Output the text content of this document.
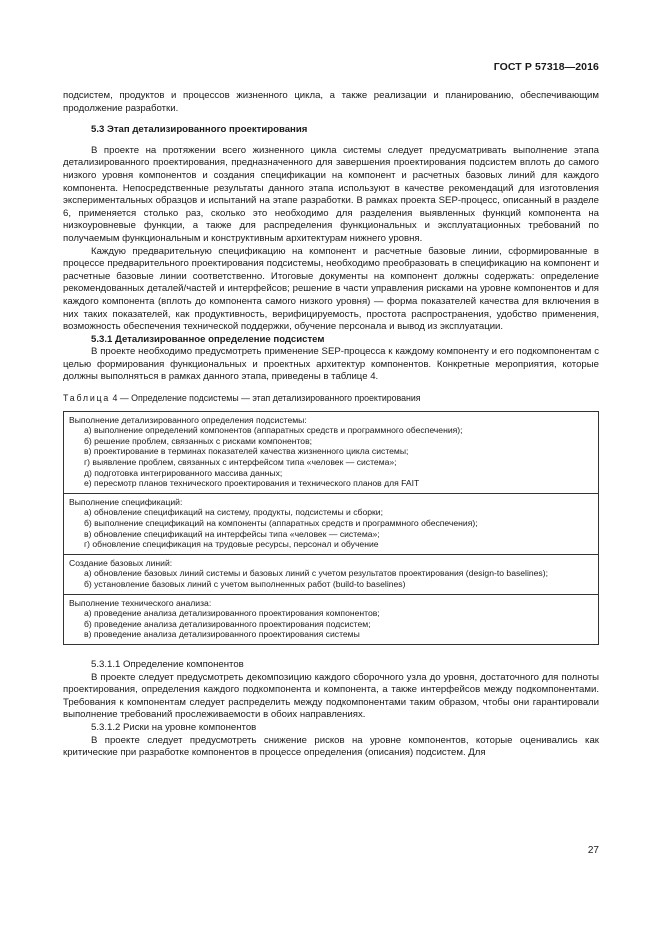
ГОСТ Р 57318—2016

подсистем, продуктов и процессов жизненного цикла, а также реализации и планированию, обеспечивающим продолжение разработки.

5.3 Этап детализированного проектирования

В проекте на протяжении всего жизненного цикла системы следует предусматривать выполнение этапа детализированного проектирования, предназначенного для завершения проектирования подсистем вплоть до самого низкого уровня компонентов и создания спецификации на компонент и расчетных базовых линий для каждого компонента. Непосредственные результаты данного этапа используют в качестве рекомендаций для изготовления экспериментальных образцов и испытаний на этапе разработки. В рамках проекта SEP-процесс, описанный в разделе 6, применяется столько раз, сколько это необходимо для разделения выявленных функций компонента на низкоуровневые функции, а также для распределения функциональных и эксплуатационных требований по получаемым функциональным и конструктивным архитектурам нижнего уровня.

Каждую предварительную спецификацию на компонент и расчетные базовые линии, сформированные в процессе предварительного проектирования подсистемы, необходимо преобразовать в спецификацию на компонент и расчетные базовые линии соответственно. Итоговые документы на компонент должны содержать: определение рекомендованных деталей/частей и интерфейсов; решение в части управления рисками на уровне компонентов и для каждого компонента (вплоть до компонента самого низкого уровня) — форма показателей качества для включения в них таких показателей, как продуктивность, верифицируемость, простота распространения, удобство применения, возможность обеспечения технической поддержки, обучение персонала и вывод из эксплуатации.

5.3.1 Детализированное определение подсистем

В проекте необходимо предусмотреть применение SEP-процесса к каждому компоненту и его подкомпонентам с целью формирования функциональных и проектных архитектур компонентов. Конкретные мероприятия, которые должны выполняться в рамках данного этапа, приведены в таблице 4.

Таблица 4 — Определение подсистемы — этап детализированного проектирования
Выполнение детализированного определения подсистемы:
а) выполнение определений компонентов (аппаратных средств и программного обеспечения);
б) решение проблем, связанных с рисками компонентов;
в) проектирование в терминах показателей качества жизненного цикла системы;
г) выявление проблем, связанных с интерфейсом типа «человек — система»;
д) подготовка интегрированного массива данных;
е) пересмотр планов технического проектирования и технического планов для FAIT

Выполнение спецификаций:
а) обновление спецификаций на систему, продукты, подсистемы и сборки;
б) выполнение спецификаций на компоненты (аппаратных средств и программного обеспечения);
в) обновление спецификаций на интерфейсы типа «человек — система»;
г) обновление спецификация на трудовые ресурсы, персонал и обучение

Создание базовых линий:
а) обновление базовых линий системы и базовых линий с учетом результатов проектирования (design-to baselines);
б) установление базовых линий с учетом выполненных работ (build-to baselines)

Выполнение технического анализа:
а) проведение анализа детализированного проектирования компонентов;
б) проведение анализа детализированного проектирования подсистем;
в) проведение анализа детализированного проектирования системы

5.3.1.1 Определение компонентов

В проекте следует предусмотреть декомпозицию каждого сборочного узла до уровня, достаточного для полноты проектирования, определения каждого подкомпонента и компонента, а также интерфейсов между подкомпонентами. Требования к компонентам следует распределить между подкомпонентами таким образом, чтобы они гарантировали выполнение требований прослеживаемости в обоих направлениях.

5.3.1.2 Риски на уровне компонентов

В проекте следует предусмотреть снижение рисков на уровне компонентов, которые оценивались как критические при разработке компонентов в процессе определения (описания) подсистем. Для

27
